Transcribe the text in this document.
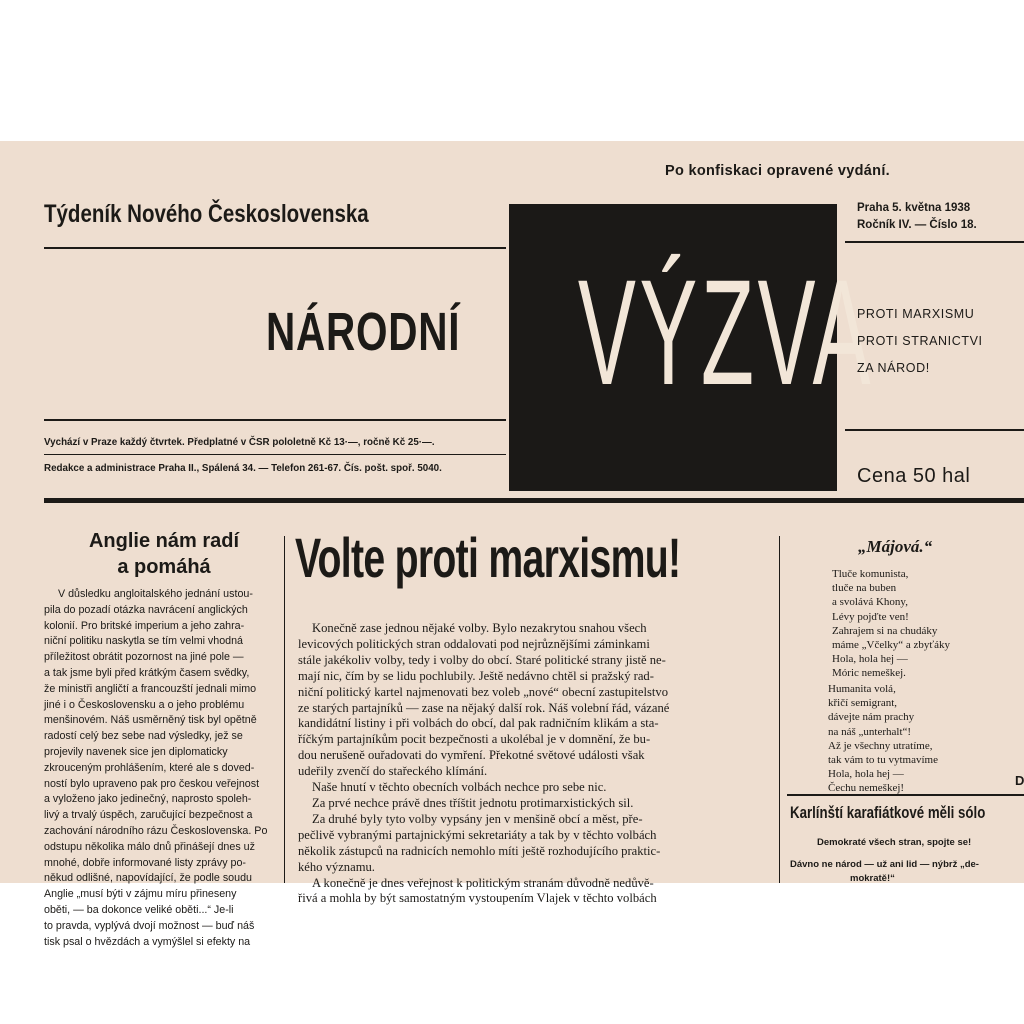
Po konfiskaci opravené vydání.
Týdeník Nového Československa	Praha 5. května 1938
Ročník IV. — Číslo 18.
NÁRODNÍ VÝZVA
PROTI MARXISMU
PROTI STRANICTVI
ZA NÁROD!
Vychází v Praze každý čtvrtek. Předplatné v ČSR pololetně Kč 13·—, ročně Kč 25·—.
Redakce a administrace Praha II., Spálená 34. — Telefon 261-67. Čís. pošt. spoř. 5040.	Cena 50 hal
Anglie nám radí
a pomáhá
V důsledku angloitalského jednání ustou-
pila do pozadí otázka navrácení anglických
kolonií. Pro britské imperium a jeho zahra-
niční politiku naskytla se tím velmi vhodná
příležitost obrátit pozornost na jiné pole —
a tak jsme byli před krátkým časem svědky,
že ministři angličtí a francouzští jednali mimo
jiné i o Československu a o jeho problému
menšinovém. Náš usměrněný tisk byl opětně
radostí celý bez sebe nad výsledky, jež se
projevily navenek sice jen diplomaticky
zkrouceným prohlášením, které ale s doved-
ností bylo upraveno pak pro českou veřejnost
a vyloženo jako jedinečný, naprosto spoleh-
livý a trvalý úspěch, zaručující bezpečnost a
zachování národního rázu Československa. Po
odstupu několika málo dnů přinášejí dnes už
mnohé, dobře informované listy zprávy po-
někud odlišné, napovídající, že podle soudu
Anglie „musí býti v zájmu míru přineseny
oběti, — ba dokonce veliké oběti...“ Je-li
to pravda, vyplývá dvojí možnost — buď náš
tisk psal o hvězdách a vymýšlel si efekty na
Volte proti marxismu!
Konečně zase jednou nějaké volby. Bylo nezakrytou snahou všech
levicových politických stran oddalovati pod nejrůznějšími záminkami
stále jakékoliv volby, tedy i volby do obcí. Staré politické strany jistě ne-
mají nic, čím by se lidu pochlubily. Ještě nedávno chtěl si pražský rad-
niční politický kartel najmenovati bez voleb „nové“ obecní zastupitelstvo
ze starých partajníků — zase na nějaký další rok. Náš volební řád, vázané
kandidátní listiny i při volbách do obcí, dal pak radničním klikám a sta-
říčkým partajníkům pocit bezpečnosti a ukolébal je v domnění, že bu-
dou nerušeně ouřadovati do vymření. Překotné světové události však
udeřily zvenčí do stařeckého klímání.
Naše hnutí v těchto obecních volbách nechce pro sebe nic.
Za prvé nechce právě dnes tříštit jednotu protimarxistických sil.
Za druhé byly tyto volby vypsány jen v menšině obcí a měst, pře-
pečlivě vybranými partajnickými sekretariáty a tak by v těchto volbách
několik zástupců na radnicích nemohlo míti ještě rozhodujícího praktic-
kého významu.
A konečně je dnes veřejnost k politickým stranám důvodně nedůvě-
řivá a mohla by být samostatným vystoupením Vlajek v těchto volbách
„Májová.“
Tluče komunista,
tluče na buben
a svolává Khony,
Lévy pojďte ven!
Zahrajem si na chudáky
máme „Včelky“ a zbyťáky
Hola, hola hej —
Móric nemeškej.
Humanita volá,
křičí semigrant,
dávejte nám prachy
na náš „unterhalt“!
Až je všechny utratíme,
tak vám to tu vytmavíme
Hola, hola hej —
Čechu nemeškej!
D
Karlínští karafiátkové měli sólo
Demokraté všech stran, spojte se!
Dávno ne národ — už ani lid — nýbrž „de-
mokratě!“
